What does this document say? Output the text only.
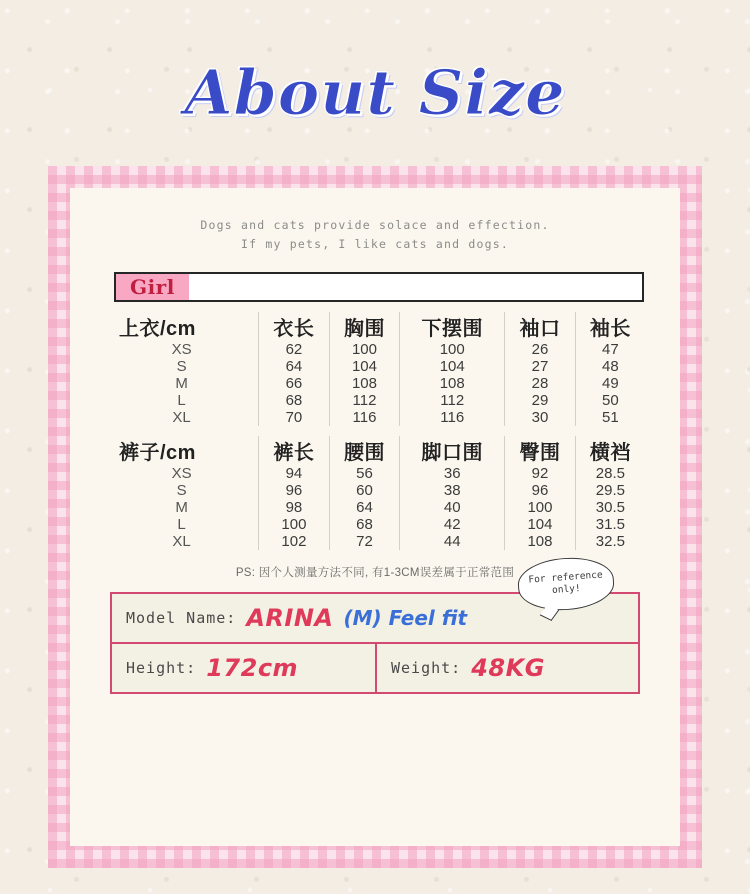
About Size
Dogs and cats provide solace and effection.
If my pets, I like cats and dogs.
Girl
上衣/cm	衣长	胸围	下摆围	袖口	袖长
XS	62	100	100	26	47
S	64	104	104	27	48
M	66	108	108	28	49
L	68	112	112	29	50
XL	70	116	116	30	51
裤子/cm	裤长	腰围	脚口围	臀围	横裆
XS	94	56	36	92	28.5
S	96	60	38	96	29.5
M	98	64	40	100	30.5
L	100	68	42	104	31.5
XL	102	72	44	108	32.5
PS: 因个人测量方法不同, 有1-3CM误差属于正常范围	For reference only!
Model Name: ARINA (M) Feel fit
Height: 172cm	Weight: 48KG
